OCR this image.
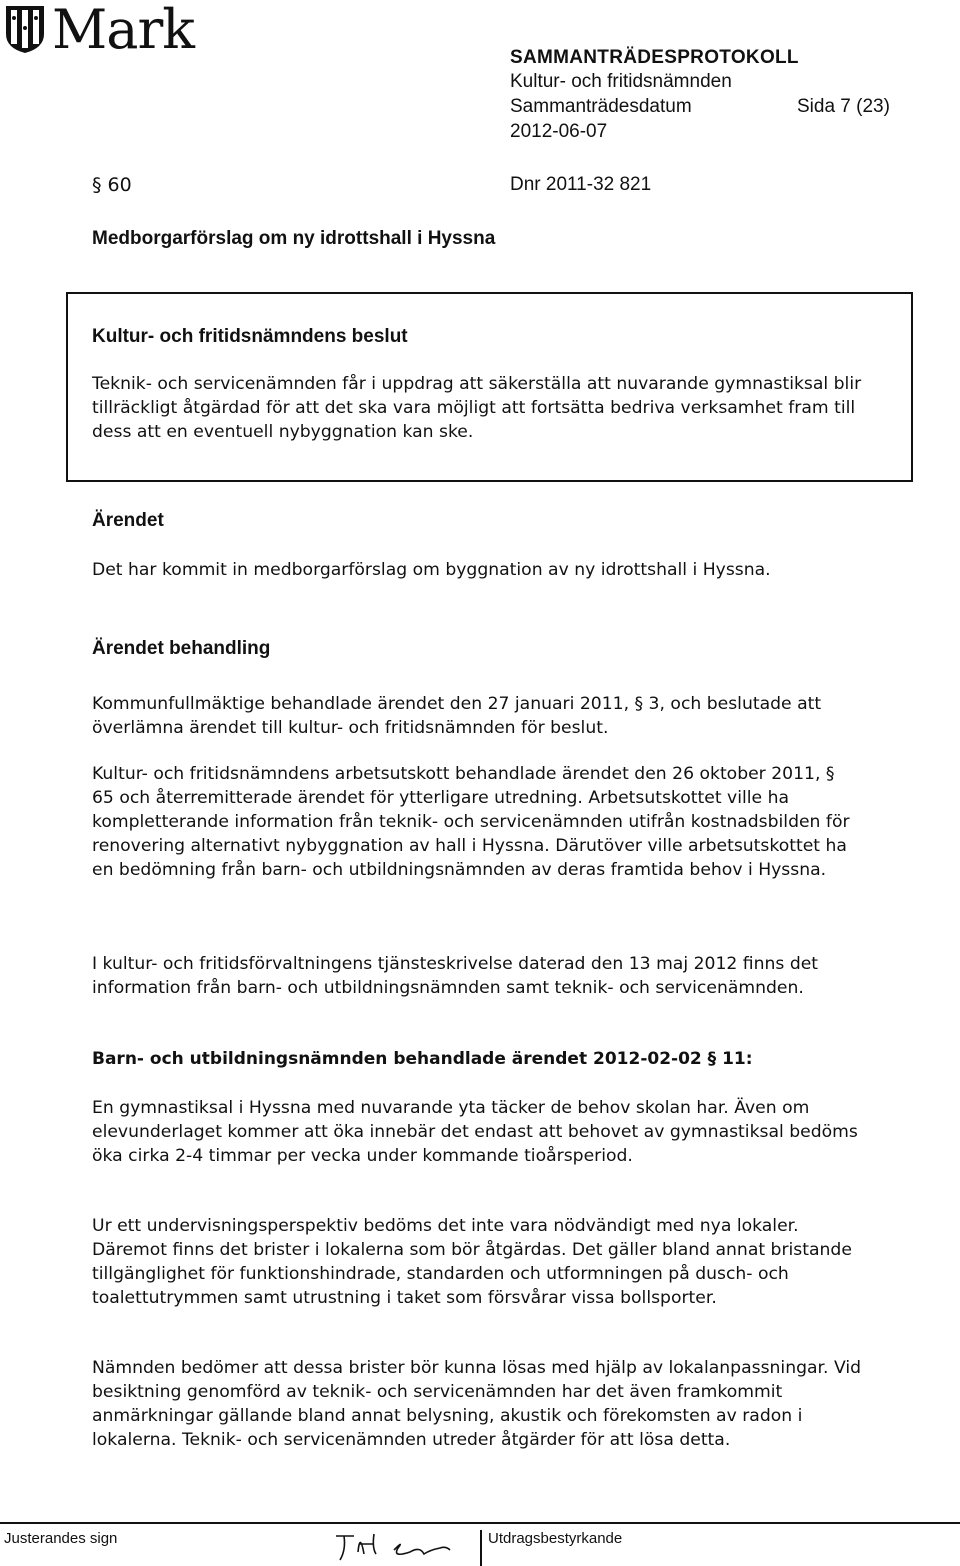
Mark	SAMMANTRÄDESPROTOKOLL
Kultur- och fritidsnämnden
Sammanträdesdatum	Sida 7 (23)
2012-06-07
§ 60	Dnr 2011-32 821
Medborgarförslag om ny idrottshall i Hyssna
Kultur- och fritidsnämndens beslut
Teknik- och servicenämnden får i uppdrag att säkerställa att nuvarande gymnastiksal blir tillräckligt åtgärdad för att det ska vara möjligt att fortsätta bedriva verksamhet fram till dess att en eventuell nybyggnation kan ske.
Ärendet
Det har kommit in medborgarförslag om byggnation av ny idrottshall i Hyssna.
Ärendet behandling
Kommunfullmäktige behandlade ärendet den 27 januari 2011, § 3, och beslutade att överlämna ärendet till kultur- och fritidsnämnden för beslut.
Kultur- och fritidsnämndens arbetsutskott behandlade ärendet den 26 oktober 2011, § 65 och återremitterade ärendet för ytterligare utredning. Arbetsutskottet ville ha kompletterande information från teknik- och servicenämnden utifrån kostnadsbilden för renovering alternativt nybyggnation av hall i Hyssna. Därutöver ville arbetsutskottet ha en bedömning från barn- och utbildningsnämnden av deras framtida behov i Hyssna.
I kultur- och fritidsförvaltningens tjänsteskrivelse daterad den 13 maj 2012 finns det information från barn- och utbildningsnämnden samt teknik- och servicenämnden.
Barn- och utbildningsnämnden behandlade ärendet 2012-02-02 § 11:
En gymnastiksal i Hyssna med nuvarande yta täcker de behov skolan har. Även om elevunderlaget kommer att öka innebär det endast att behovet av gymnastiksal bedöms öka cirka 2-4 timmar per vecka under kommande tioårsperiod.
Ur ett undervisningsperspektiv bedöms det inte vara nödvändigt med nya lokaler. Däremot finns det brister i lokalerna som bör åtgärdas. Det gäller bland annat bristande tillgänglighet för funktionshindrade, standarden och utformningen på dusch- och toalettutrymmen samt utrustning i taket som försvårar vissa bollsporter.
Nämnden bedömer att dessa brister bör kunna lösas med hjälp av lokalanpassningar. Vid besiktning genomförd av teknik- och servicenämnden har det även framkommit anmärkningar gällande bland annat belysning, akustik och förekomsten av radon i lokalerna. Teknik- och servicenämnden utreder åtgärder för att lösa detta.
Justerandes sign	Utdragsbestyrkande
